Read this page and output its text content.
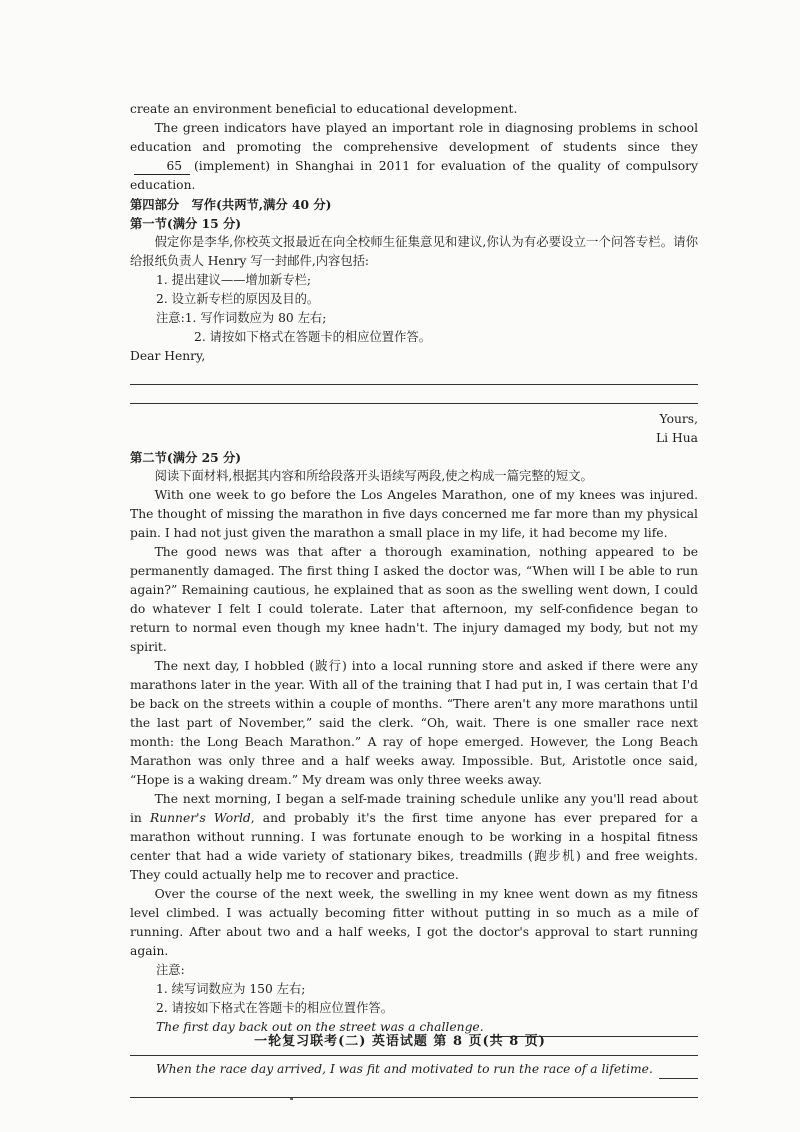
create an environment beneficial to educational development.

The green indicators have played an important role in diagnosing problems in school education and promoting the comprehensive development of students since they65 (implement) in Shanghai in 2011 for evaluation of the quality of compulsory education.

第四部分　写作(共两节,满分 40 分)

第一节(满分 15 分)

假定你是李华,你校英文报最近在向全校师生征集意见和建议,你认为有必要设立一个问答专栏。请你给报纸负责人 Henry 写一封邮件,内容包括:

1. 提出建议——增加新专栏;

2. 设立新专栏的原因及目的。

注意:1. 写作词数应为 80 左右;

2. 请按如下格式在答题卡的相应位置作答。

Dear Henry,

Yours,

Li Hua

第二节(满分 25 分)

阅读下面材料,根据其内容和所给段落开头语续写两段,使之构成一篇完整的短文。

With one week to go before the Los Angeles Marathon, one of my knees was injured. The thought of missing the marathon in five days concerned me far more than my physical pain. I had not just given the marathon a small place in my life, it had become my life.

The good news was that after a thorough examination, nothing appeared to be permanently damaged. The first thing I asked the doctor was, “When will I be able to run again?” Remaining cautious, he explained that as soon as the swelling went down, I could do whatever I felt I could tolerate. Later that afternoon, my self-confidence began to return to normal even though my knee hadn't. The injury damaged my body, but not my spirit.

The next day, I hobbled (跛行) into a local running store and asked if there were any marathons later in the year. With all of the training that I had put in, I was certain that I'd be back on the streets within a couple of months. “There aren't any more marathons until the last part of November,” said the clerk. “Oh, wait. There is one smaller race next month: the Long Beach Marathon.” A ray of hope emerged. However, the Long Beach Marathon was only three and a half weeks away. Impossible. But, Aristotle once said, “Hope is a waking dream.” My dream was only three weeks away.

The next morning, I began a self-made training schedule unlike any you'll read about in Runner's World, and probably it's the first time anyone has ever prepared for a marathon without running. I was fortunate enough to be working in a hospital fitness center that had a wide variety of stationary bikes, treadmills (跑步机) and free weights. They could actually help me to recover and practice.

Over the course of the next week, the swelling in my knee went down as my fitness level climbed. I was actually becoming fitter without putting in so much as a mile of running. After about two and a half weeks, I got the doctor's approval to start running again.

注意:

1. 续写词数应为 150 左右;

2. 请按如下格式在答题卡的相应位置作答。

The first day back out on the street was a challenge.
When the race day arrived, I was fit and motivated to run the race of a lifetime.
一轮复习联考(二) 英语试题 第 8 页(共 8 页)
